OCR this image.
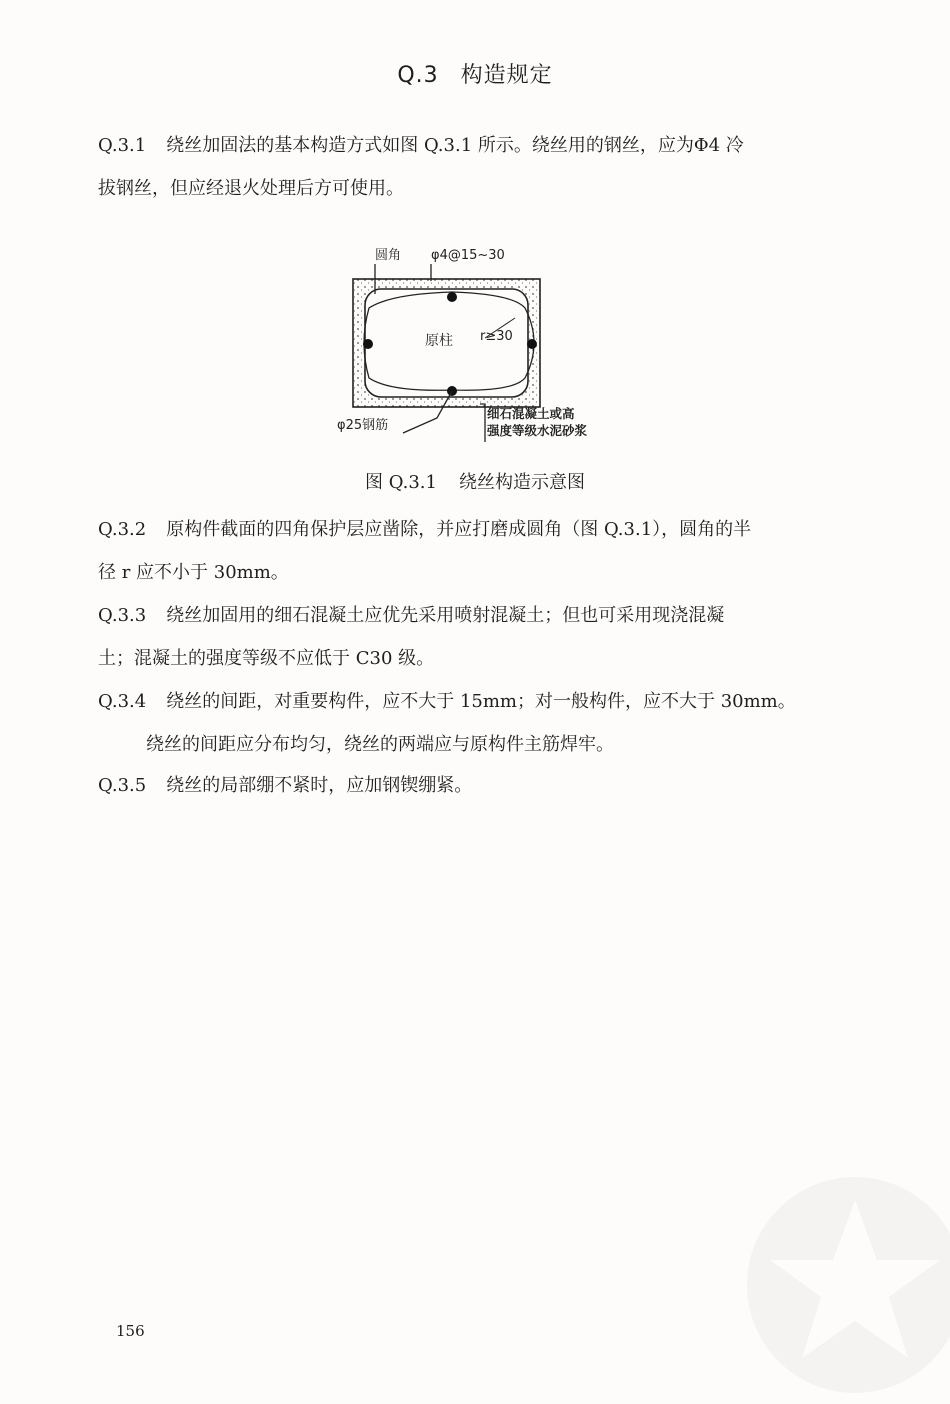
Q.3 构造规定

Q.3.1 绕丝加固法的基本构造方式如图 Q.3.1 所示。绕丝用的钢丝，应为Φ4 冷
拔钢丝，但应经退火处理后方可使用。

圆角 φ4@15~30
原柱 r≥30
φ25钢筋
细石混凝土或高
强度等级水泥砂浆
图 Q.3.1 绕丝构造示意图

Q.3.2 原构件截面的四角保护层应凿除，并应打磨成圆角（图 Q.3.1），圆角的半
径 r 应不小于 30mm。

Q.3.3 绕丝加固用的细石混凝土应优先采用喷射混凝土；但也可采用现浇混凝
土；混凝土的强度等级不应低于 C30 级。

Q.3.4 绕丝的间距，对重要构件，应不大于 15mm；对一般构件，应不大于 30mm。
绕丝的间距应分布均匀，绕丝的两端应与原构件主筋焊牢。

Q.3.5 绕丝的局部绷不紧时，应加钢锲绷紧。

156
